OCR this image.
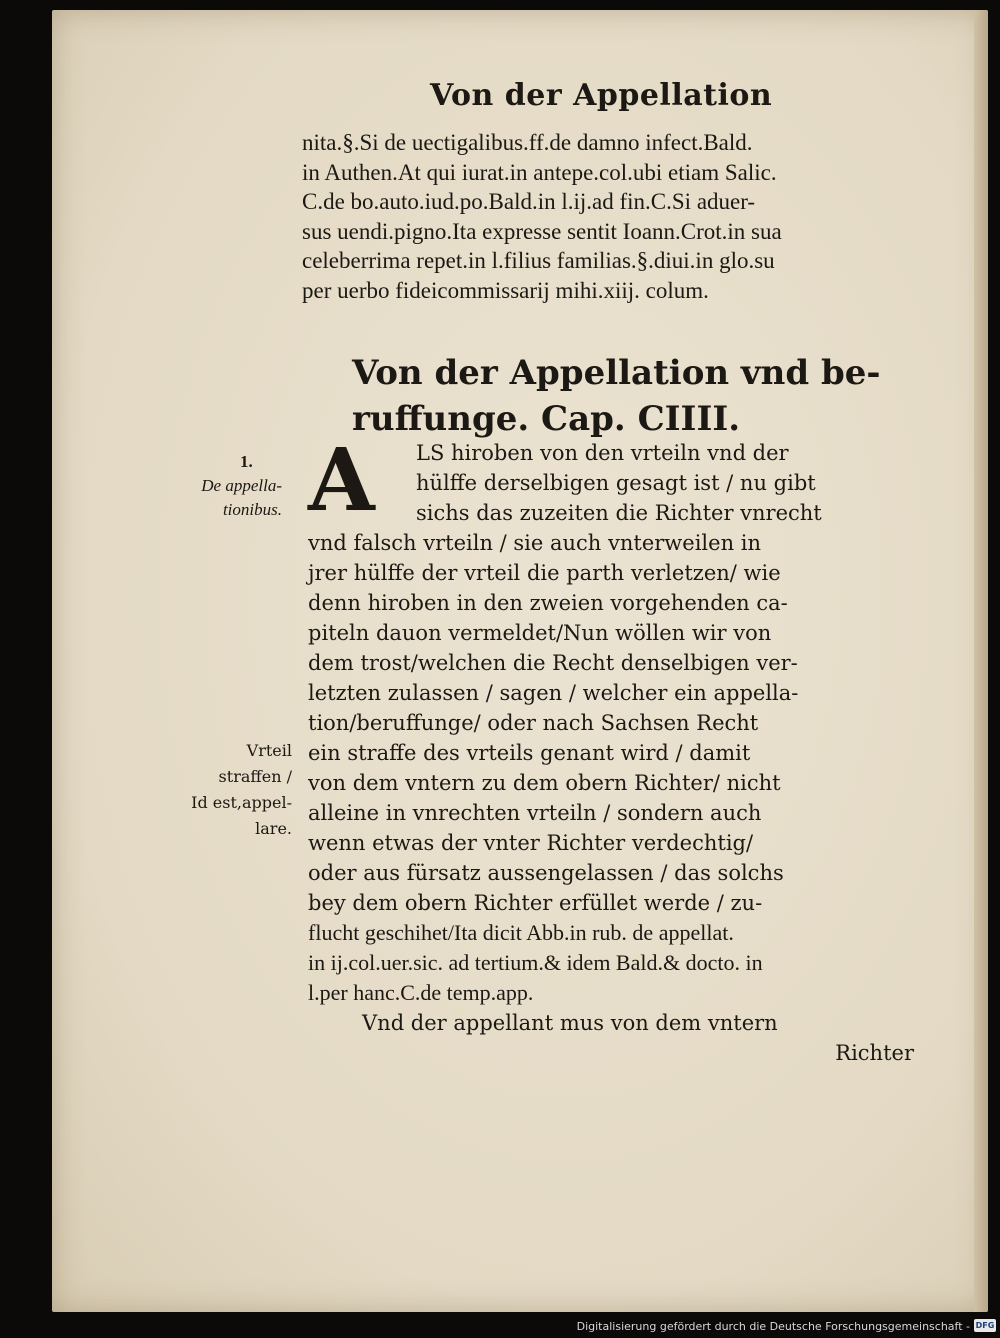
Von der Appellation
nita.§.Si de uectigalibus.ff.de damno infect.Bald.
in Authen.At qui iurat.in antepe.col.ubi etiam Salic.
C.de bo.auto.iud.po.Bald.in l.ij.ad fin.C.Si aduer-
sus uendi.pigno.Ita expresse sentit Ioann.Crot.in sua
celeberrima repet.in l.filius familias.§.diui.in glo.su
per uerbo fideicommissarij mihi.xiij. colum.
Von der Appellation vnd be-
ruffunge. Cap. CIIII.
A	LS hiroben von den vrteiln vnd der
hülffe derselbigen gesagt ist / nu gibt
sichs das zuzeiten die Richter vnrecht
vnd falsch vrteiln / sie auch vnterweilen in
jrer hülffe der vrteil die parth verletzen/ wie
denn hiroben in den zweien vorgehenden ca-
piteln dauon vermeldet/Nun wöllen wir von
dem trost/welchen die Recht denselbigen ver-
letzten zulassen / sagen / welcher ein appella-
tion/beruffunge/ oder nach Sachsen Recht
ein straffe des vrteils genant wird / damit
von dem vntern zu dem obern Richter/ nicht
alleine in vnrechten vrteiln / sondern auch
wenn etwas der vnter Richter verdechtig/
oder aus fürsatz aussengelassen / das solchs
bey dem obern Richter erfüllet werde / zu-
flucht geschihet/Ita dicit Abb.in rub. de appellat.
in ij.col.uer.sic. ad tertium.& idem Bald.& docto. in
l.per hanc.C.de temp.app.
Vnd der appellant mus von dem vntern
Richter
1.
De appella-
tionibus.
Vrteil
straffen /
Id est,appel-
lare.
Digitalisierung gefördert durch die Deutsche Forschungsgemeinschaft - DFG
